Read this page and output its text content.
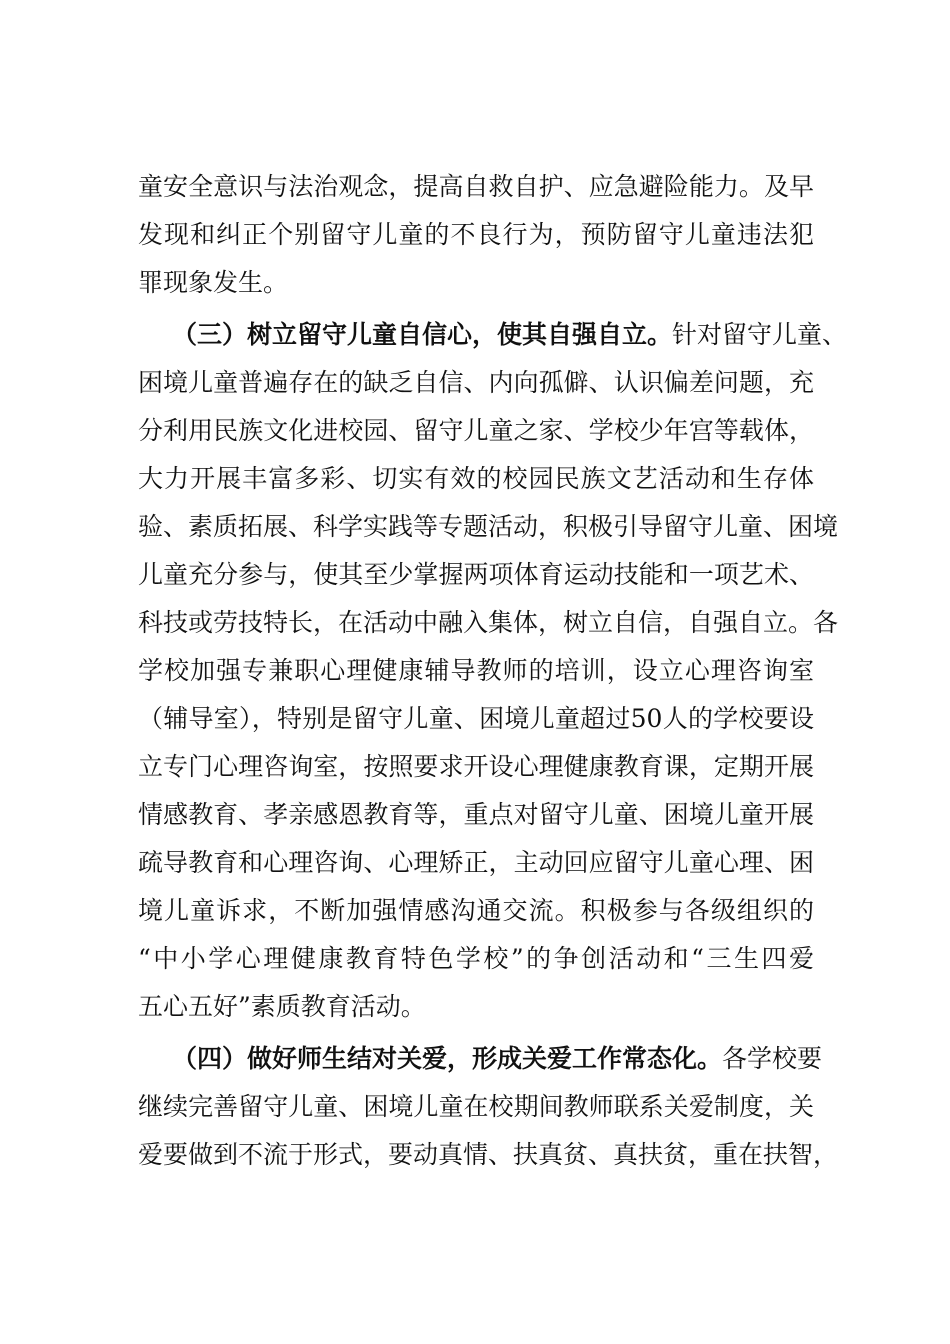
童安全意识与法治观念，提高自救自护、应急避险能力。及早
发现和纠正个别留守儿童的不良行为，预防留守儿童违法犯
罪现象发生。
（三）树立留守儿童自信心，使其自强自立。针对留守儿童、
困境儿童普遍存在的缺乏自信、内向孤僻、认识偏差问题，充
分利用民族文化进校园、留守儿童之家、学校少年宫等载体，
大力开展丰富多彩、切实有效的校园民族文艺活动和生存体
验、素质拓展、科学实践等专题活动，积极引导留守儿童、困境
儿童充分参与，使其至少掌握两项体育运动技能和一项艺术、
科技或劳技特长，在活动中融入集体，树立自信，自强自立。各
学校加强专兼职心理健康辅导教师的培训，设立心理咨询室
（辅导室），特别是留守儿童、困境儿童超过50人的学校要设
立专门心理咨询室，按照要求开设心理健康教育课，定期开展
情感教育、孝亲感恩教育等，重点对留守儿童、困境儿童开展
疏导教育和心理咨询、心理矫正，主动回应留守儿童心理、困
境儿童诉求，不断加强情感沟通交流。积极参与各级组织的
“中小学心理健康教育特色学校”的争创活动和“三生四爱
五心五好”素质教育活动。
（四）做好师生结对关爱，形成关爱工作常态化。各学校要
继续完善留守儿童、困境儿童在校期间教师联系关爱制度，关
爱要做到不流于形式，要动真情、扶真贫、真扶贫，重在扶智，
